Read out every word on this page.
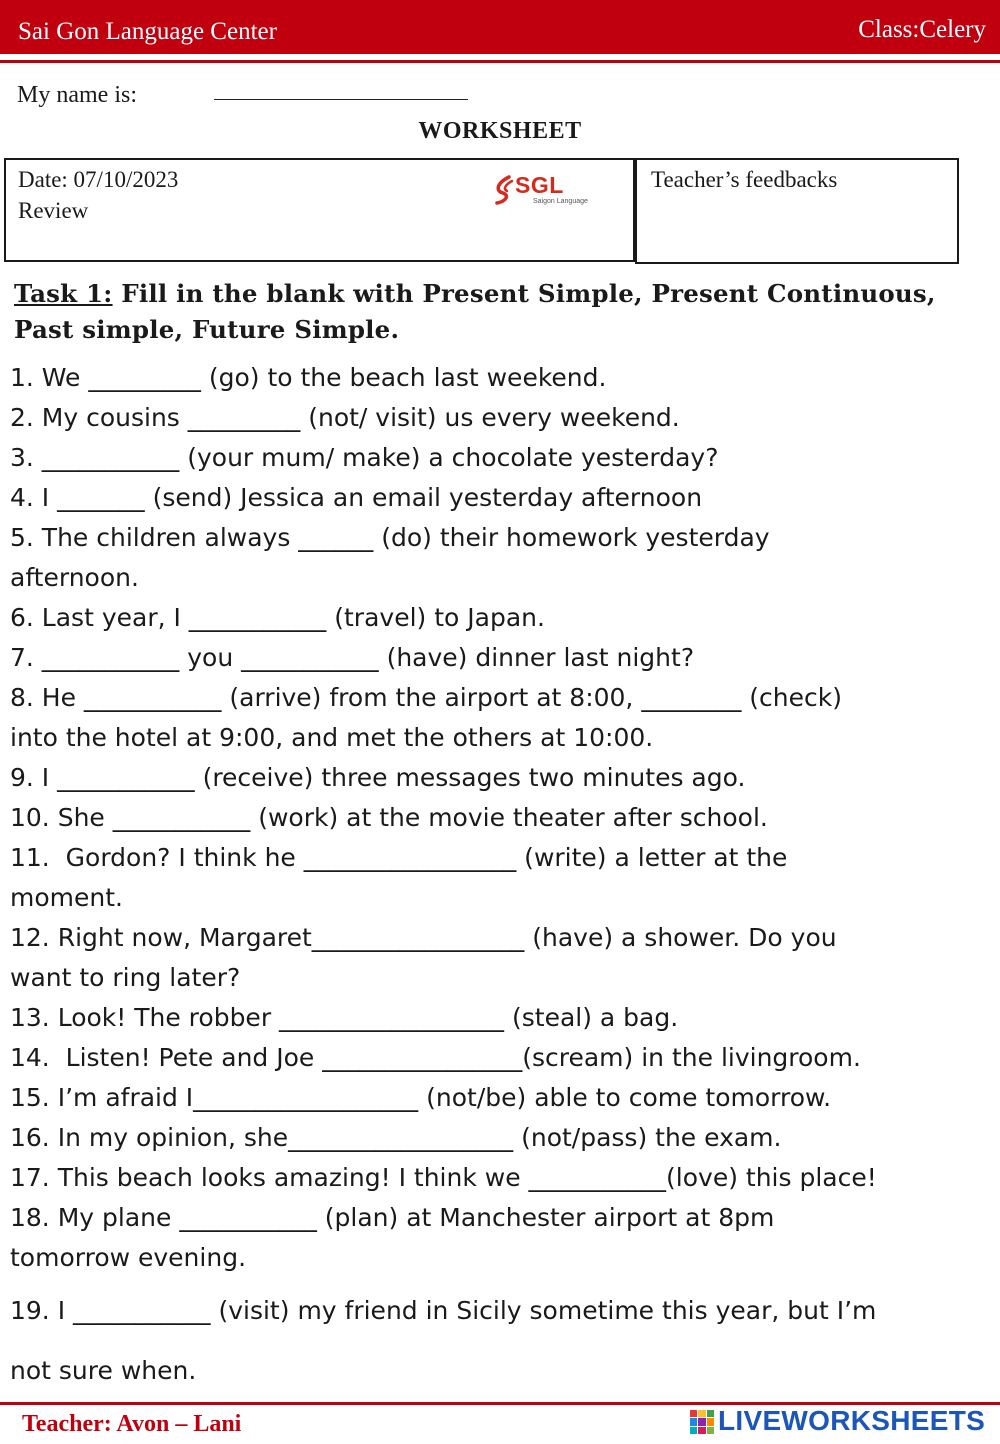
Sai Gon Language Center	Class:Celery
My name is:
WORKSHEET
Date: 07/10/2023
Review
Teacher’s feedbacks
SGL
Saigon Language
Task 1: Fill in the blank with Present Simple, Present Continuous, Past simple, Future Simple.
1. We _________ (go) to the beach last weekend.
2. My cousins _________ (not/ visit) us every weekend.
3. ___________ (your mum/ make) a chocolate yesterday?
4. I _______ (send) Jessica an email yesterday afternoon
5. The children always ______ (do) their homework yesterday
afternoon.
6. Last year, I ___________ (travel) to Japan.
7. ___________ you ___________ (have) dinner last night?
8. He ___________ (arrive) from the airport at 8:00, ________ (check)
into the hotel at 9:00, and met the others at 10:00.
9. I ___________ (receive) three messages two minutes ago.
10. She ___________ (work) at the movie theater after school.
11.  Gordon? I think he _________________ (write) a letter at the
moment.
12. Right now, Margaret_________________ (have) a shower. Do you
want to ring later?
13. Look! The robber __________________ (steal) a bag.
14.  Listen! Pete and Joe ________________(scream) in the livingroom.
15. I’m afraid I__________________ (not/be) able to come tomorrow.
16. In my opinion, she__________________ (not/pass) the exam.
17. This beach looks amazing! I think we ___________(love) this place!
18. My plane ___________ (plan) at Manchester airport at 8pm
tomorrow evening.
19. I ___________ (visit) my friend in Sicily sometime this year, but I’m
not sure when.
Teacher: Avon – Lani	LIVEWORKSHEETS
